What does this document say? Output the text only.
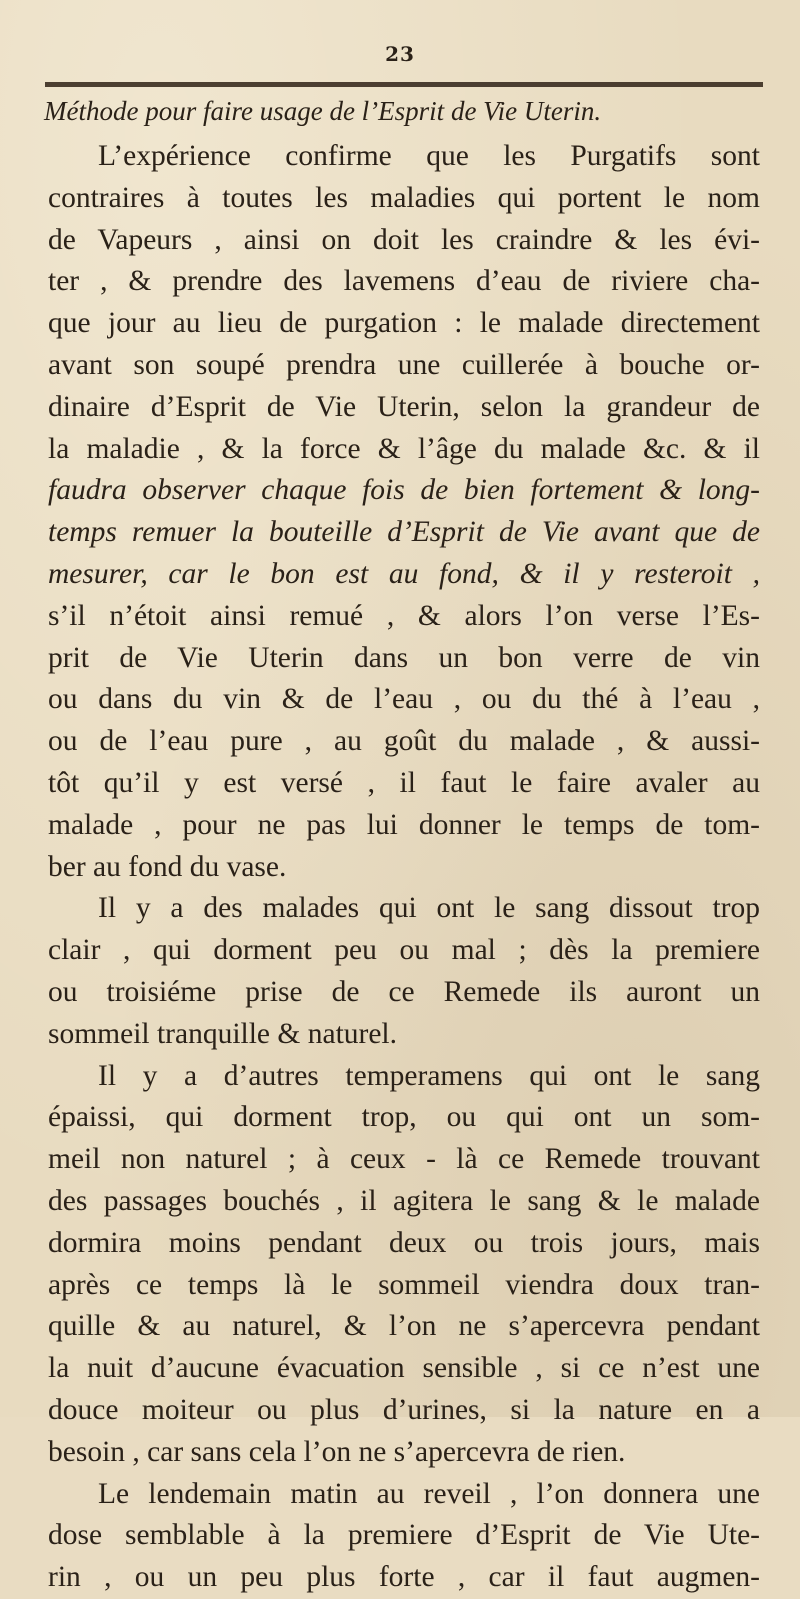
23
Méthode pour faire usage de l’Esprit de Vie Uterin.
L’expérience confirme que les Purgatifs sont
contraires à toutes les maladies qui portent le nom
de Vapeurs , ainsi on doit les craindre & les évi-
ter , & prendre des lavemens d’eau de riviere cha-
que jour au lieu de purgation : le malade directement
avant son soupé prendra une cuillerée à bouche or-
dinaire d’Esprit de Vie Uterin, selon la grandeur de
la maladie , & la force & l’âge du malade &c. & il
faudra observer chaque fois de bien fortement & long-
temps remuer la bouteille d’Esprit de Vie avant que de
mesurer, car le bon est au fond, & il y resteroit ,
s’il n’étoit ainsi remué , & alors l’on verse l’Es-
prit de Vie Uterin dans un bon verre de vin
ou dans du vin & de l’eau , ou du thé à l’eau ,
ou de l’eau pure , au goût du malade , & aussi-
tôt qu’il y est versé , il faut le faire avaler au
malade , pour ne pas lui donner le temps de tom-
ber au fond du vase.
Il y a des malades qui ont le sang dissout trop
clair , qui dorment peu ou mal ; dès la premiere
ou troisiéme prise de ce Remede ils auront un
sommeil tranquille & naturel.
Il y a d’autres temperamens qui ont le sang
épaissi, qui dorment trop, ou qui ont un som-
meil non naturel ; à ceux - là ce Remede trouvant
des passages bouchés , il agitera le sang & le malade
dormira moins pendant deux ou trois jours, mais
après ce temps là le sommeil viendra doux tran-
quille & au naturel, & l’on ne s’apercevra pendant
la nuit d’aucune évacuation sensible , si ce n’est une
douce moiteur ou plus d’urines, si la nature en a
besoin , car sans cela l’on ne s’apercevra de rien.
Le lendemain matin au reveil , l’on donnera une
dose semblable à la premiere d’Esprit de Vie Ute-
rin , ou un peu plus forte , car il faut augmen-
